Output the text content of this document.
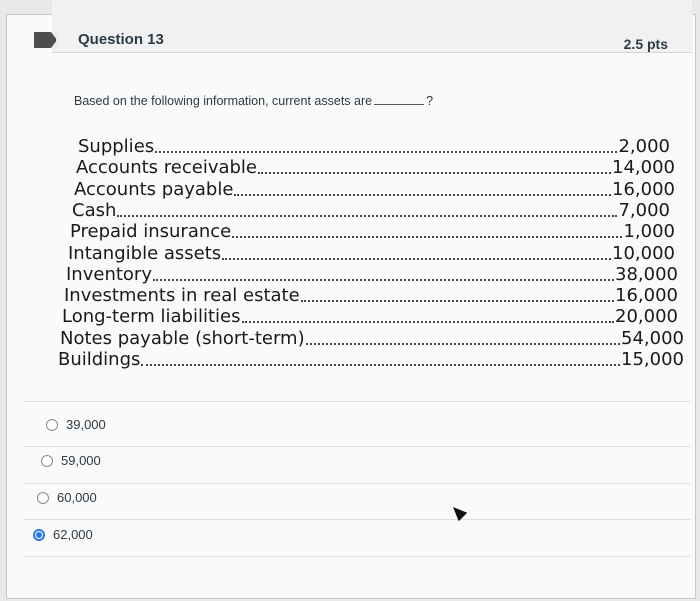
Question 13	2.5 pts
Based on the following information, current assets are	?
Supplies	2,000
Accounts receivable	14,000
Accounts payable	16,000
Cash	7,000
Prepaid insurance	1,000
Intangible assets	10,000
Inventory	38,000
Investments in real estate	16,000
Long-term liabilities	20,000
Notes payable (short-term)	54,000
Buildings	15,000
39,000
59,000
60,000
62,000
